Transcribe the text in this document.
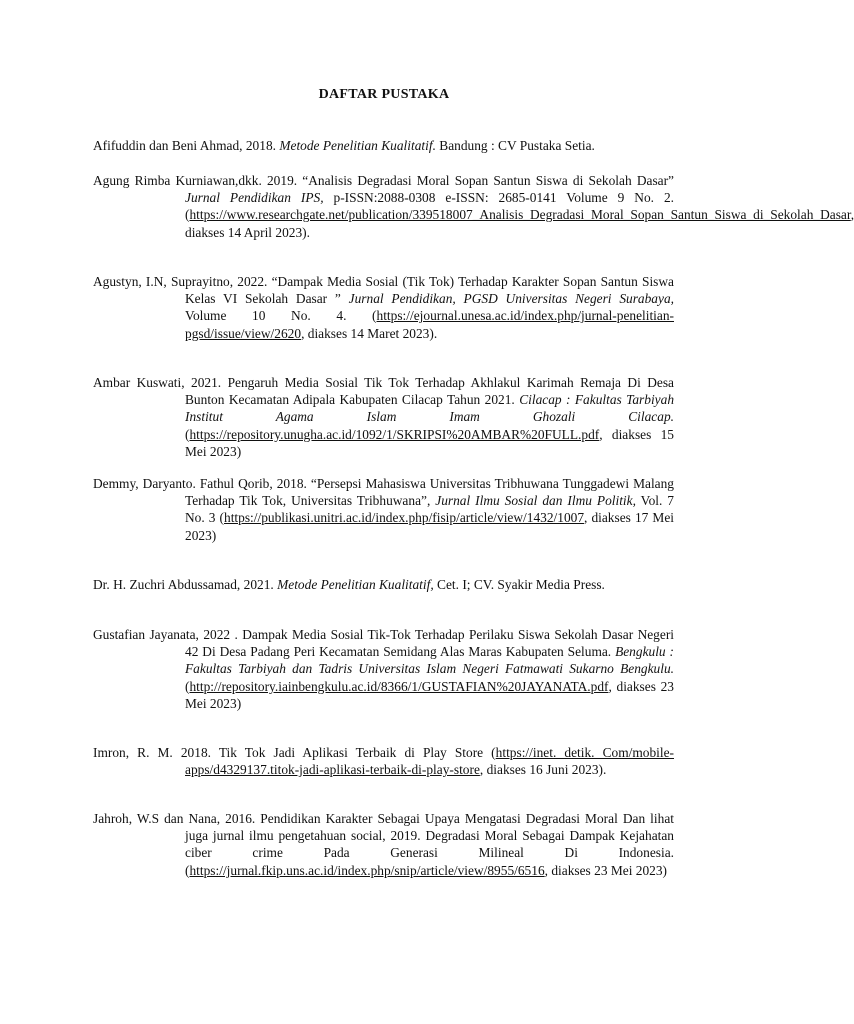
DAFTAR PUSTAKA
Afifuddin dan Beni Ahmad, 2018. Metode Penelitian Kualitatif. Bandung : CV Pustaka Setia.
Agung Rimba Kurniawan,dkk. 2019. “Analisis Degradasi Moral Sopan Santun Siswa di Sekolah Dasar” Jurnal Pendidikan IPS, p-ISSN:2088-0308 e-ISSN: 2685-0141 Volume 9 No. 2. (https://www.researchgate.net/publication/339518007_Analisis_Degradasi_Moral_Sopan_Santun_Siswa_di_Sekolah_Dasar, diakses 14 April 2023).
Agustyn, I.N, Suprayitno, 2022. “Dampak Media Sosial (Tik Tok) Terhadap Karakter Sopan Santun Siswa Kelas VI Sekolah Dasar ” Jurnal Pendidikan, PGSD Universitas Negeri Surabaya, Volume 10 No. 4. (https://ejournal.unesa.ac.id/index.php/jurnal-penelitian-pgsd/issue/view/2620, diakses 14 Maret 2023).
Ambar Kuswati, 2021. Pengaruh Media Sosial Tik Tok Terhadap Akhlakul Karimah Remaja Di Desa Bunton Kecamatan Adipala Kabupaten Cilacap Tahun 2021. Cilacap : Fakultas Tarbiyah Institut Agama Islam Imam Ghozali Cilacap. (https://repository.unugha.ac.id/1092/1/SKRIPSI%20AMBAR%20FULL.pdf, diakses 15 Mei 2023)
Demmy, Daryanto. Fathul Qorib, 2018. “Persepsi Mahasiswa Universitas Tribhuwana Tunggadewi Malang Terhadap Tik Tok, Universitas Tribhuwana”, Jurnal Ilmu Sosial dan Ilmu Politik, Vol. 7 No. 3 (https://publikasi.unitri.ac.id/index.php/fisip/article/view/1432/1007, diakses 17 Mei 2023)
Dr. H. Zuchri Abdussamad, 2021. Metode Penelitian Kualitatif, Cet. I; CV. Syakir Media Press.
Gustafian Jayanata, 2022 . Dampak Media Sosial Tik-Tok Terhadap Perilaku Siswa Sekolah Dasar Negeri 42 Di Desa Padang Peri Kecamatan Semidang Alas Maras Kabupaten Seluma. Bengkulu : Fakultas Tarbiyah dan Tadris Universitas Islam Negeri Fatmawati Sukarno Bengkulu. (http://repository.iainbengkulu.ac.id/8366/1/GUSTAFIAN%20JAYANATA.pdf, diakses 23 Mei 2023)
Imron, R. M. 2018. Tik Tok Jadi Aplikasi Terbaik di Play Store (https://inet. detik. Com/mobile-apps/d4329137.titok-jadi-aplikasi-terbaik-di-play-store, diakses 16 Juni 2023).
Jahroh, W.S dan Nana, 2016. Pendidikan Karakter Sebagai Upaya Mengatasi Degradasi Moral Dan lihat juga jurnal ilmu pengetahuan social, 2019. Degradasi Moral Sebagai Dampak Kejahatan ciber crime Pada Generasi Milineal Di Indonesia. (https://jurnal.fkip.uns.ac.id/index.php/snip/article/view/8955/6516, diakses 23 Mei 2023)
